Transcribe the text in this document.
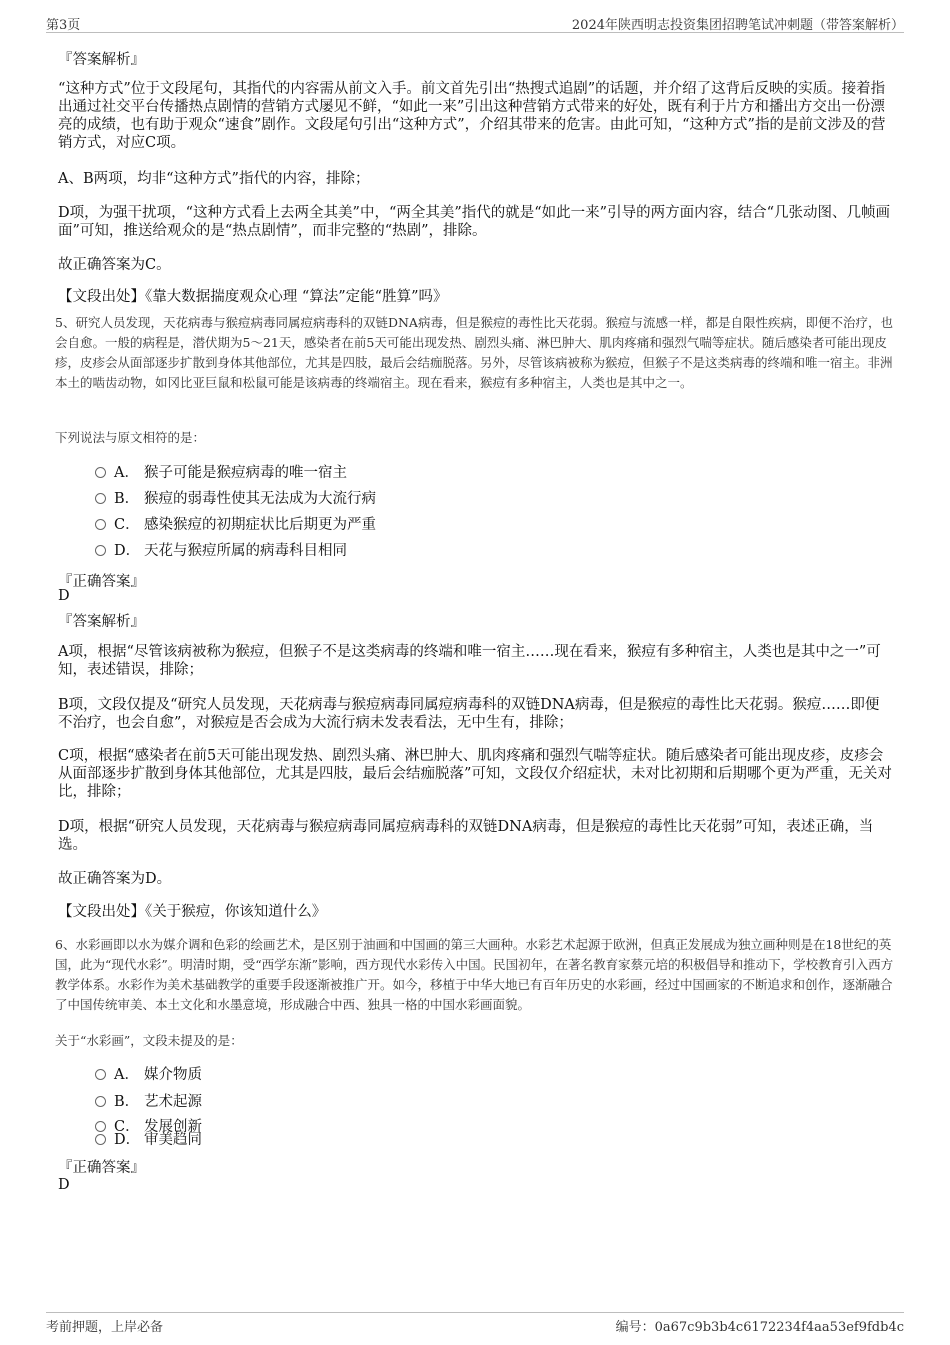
第3页	2024年陕西明志投资集团招聘笔试冲刺题（带答案解析）
『答案解析』
“这种方式”位于文段尾句，其指代的内容需从前文入手。前文首先引出“热搜式追剧”的话题，并介绍了这背后反映的实质。接着指出通过社交平台传播热点剧情的营销方式屡见不鲜，“如此一来”引出这种营销方式带来的好处，既有利于片方和播出方交出一份漂亮的成绩，也有助于观众“速食”剧作。文段尾句引出“这种方式”，介绍其带来的危害。由此可知，“这种方式”指的是前文涉及的营销方式，对应C项。
A、B两项，均非“这种方式”指代的内容，排除；
D项，为强干扰项，“这种方式看上去两全其美”中，“两全其美”指代的就是“如此一来”引导的两方面内容，结合“几张动图、几帧画面”可知，推送给观众的是“热点剧情”，而非完整的“热剧”，排除。
故正确答案为C。
【文段出处】《靠大数据揣度观众心理 “算法”定能“胜算”吗》
5、研究人员发现，天花病毒与猴痘病毒同属痘病毒科的双链DNA病毒，但是猴痘的毒性比天花弱。猴痘与流感一样，都是自限性疾病，即便不治疗，也会自愈。一般的病程是，潜伏期为5～21天，感染者在前5天可能出现发热、剧烈头痛、淋巴肿大、肌肉疼痛和强烈气喘等症状。随后感染者可能出现皮疹，皮疹会从面部逐步扩散到身体其他部位，尤其是四肢，最后会结痂脱落。另外，尽管该病被称为猴痘，但猴子不是这类病毒的终端和唯一宿主。非洲本土的啮齿动物，如冈比亚巨鼠和松鼠可能是该病毒的终端宿主。现在看来，猴痘有多种宿主，人类也是其中之一。
下列说法与原文相符的是：
A． 猴子可能是猴痘病毒的唯一宿主
B． 猴痘的弱毒性使其无法成为大流行病
C． 感染猴痘的初期症状比后期更为严重
D． 天花与猴痘所属的病毒科目相同
『正确答案』
D
『答案解析』
A项，根据“尽管该病被称为猴痘，但猴子不是这类病毒的终端和唯一宿主……现在看来，猴痘有多种宿主，人类也是其中之一”可知，表述错误，排除；
B项，文段仅提及“研究人员发现，天花病毒与猴痘病毒同属痘病毒科的双链DNA病毒，但是猴痘的毒性比天花弱。猴痘……即便不治疗，也会自愈”，对猴痘是否会成为大流行病未发表看法，无中生有，排除；
C项，根据“感染者在前5天可能出现发热、剧烈头痛、淋巴肿大、肌肉疼痛和强烈气喘等症状。随后感染者可能出现皮疹，皮疹会从面部逐步扩散到身体其他部位，尤其是四肢，最后会结痂脱落”可知，文段仅介绍症状，未对比初期和后期哪个更为严重，无关对比，排除；
D项，根据“研究人员发现，天花病毒与猴痘病毒同属痘病毒科的双链DNA病毒，但是猴痘的毒性比天花弱”可知，表述正确，当选。
故正确答案为D。
【文段出处】《关于猴痘，你该知道什么》
6、水彩画即以水为媒介调和色彩的绘画艺术，是区别于油画和中国画的第三大画种。水彩艺术起源于欧洲，但真正发展成为独立画种则是在18世纪的英国，此为“现代水彩”。明清时期，受“西学东渐”影响，西方现代水彩传入中国。民国初年，在著名教育家蔡元培的积极倡导和推动下，学校教育引入西方教学体系。水彩作为美术基础教学的重要手段逐渐被推广开。如今，移植于中华大地已有百年历史的水彩画，经过中国画家的不断追求和创作，逐渐融合了中国传统审美、本土文化和水墨意境，形成融合中西、独具一格的中国水彩画面貌。
关于“水彩画”，文段未提及的是：
A． 媒介物质
B． 艺术起源
C． 发展创新
D． 审美趋同
『正确答案』
D
考前押题，上岸必备	编号：0a67c9b3b4c6172234f4aa53ef9fdb4c
